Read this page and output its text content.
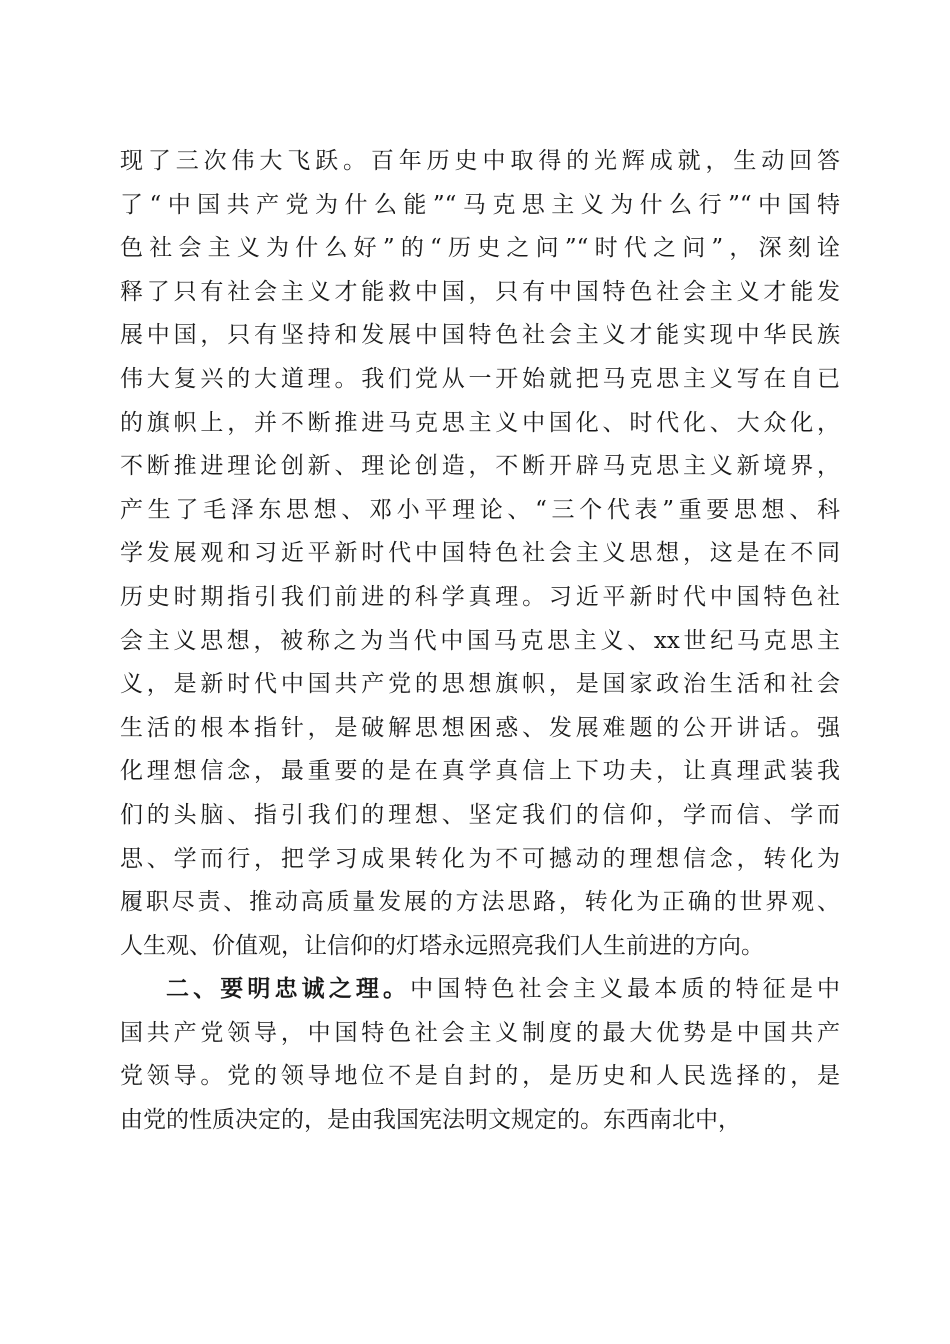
现了三次伟大飞跃。百年历史中取得的光辉成就，生动回答
了“中国共产党为什么能”“马克思主义为什么行”“中国特
色社会主义为什么好”的“历史之问”“时代之问”，深刻诠
释了只有社会主义才能救中国，只有中国特色社会主义才能发
展中国，只有坚持和发展中国特色社会主义才能实现中华民族
伟大复兴的大道理。我们党从一开始就把马克思主义写在自已
的旗帜上，并不断推进马克思主义中国化、时代化、大众化，
不断推进理论创新、理论创造，不断开辟马克思主义新境界，
产生了毛泽东思想、邓小平理论、“三个代表”重要思想、科
学发展观和习近平新时代中国特色社会主义思想，这是在不同
历史时期指引我们前进的科学真理。习近平新时代中国特色社
会主义思想，被称之为当代中国马克思主义、xx世纪马克思主
义，是新时代中国共产党的思想旗帜，是国家政治生活和社会
生活的根本指针，是破解思想困惑、发展难题的公开讲话。强
化理想信念，最重要的是在真学真信上下功夫，让真理武装我
们的头脑、指引我们的理想、坚定我们的信仰，学而信、学而
思、学而行，把学习成果转化为不可撼动的理想信念，转化为
履职尽责、推动高质量发展的方法思路，转化为正确的世界观、
人生观、价值观，让信仰的灯塔永远照亮我们人生前进的方向。
二、要明忠诚之理。中国特色社会主义最本质的特征是中
国共产党领导，中国特色社会主义制度的最大优势是中国共产
党领导。党的领导地位不是自封的，是历史和人民选择的，是
由党的性质决定的，是由我国宪法明文规定的。东西南北中，
